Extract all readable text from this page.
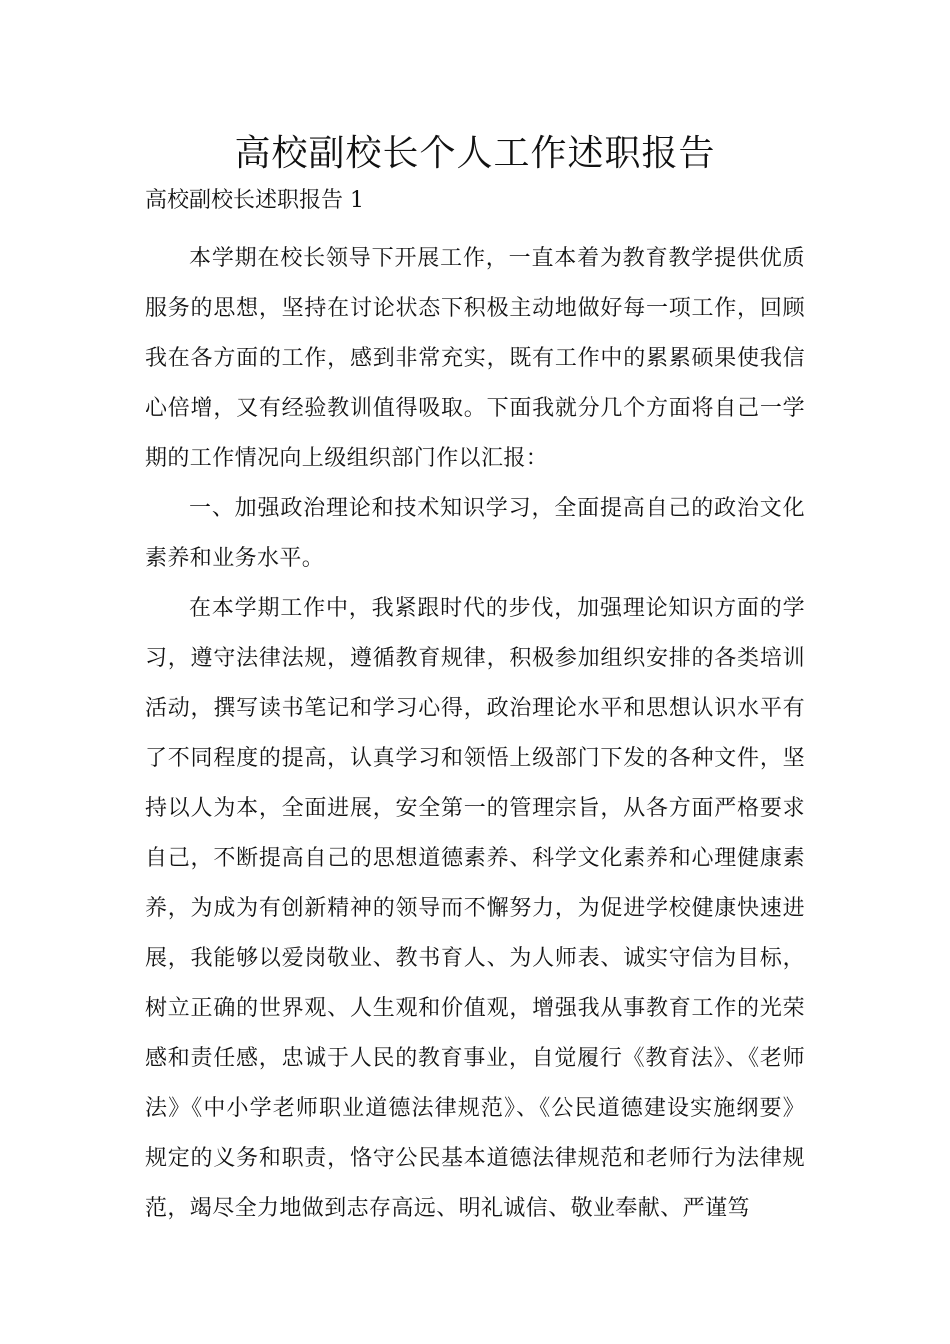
高校副校长个人工作述职报告

高校副校长述职报告 1

本学期在校长领导下开展工作，一直本着为教育教学提供优质服务的思想，坚持在讨论状态下积极主动地做好每一项工作，回顾我在各方面的工作，感到非常充实，既有工作中的累累硕果使我信心倍增，又有经验教训值得吸取。下面我就分几个方面将自己一学期的工作情况向上级组织部门作以汇报：

一、加强政治理论和技术知识学习，全面提高自己的政治文化素养和业务水平。

在本学期工作中，我紧跟时代的步伐，加强理论知识方面的学习，遵守法律法规，遵循教育规律，积极参加组织安排的各类培训活动，撰写读书笔记和学习心得，政治理论水平和思想认识水平有了不同程度的提高，认真学习和领悟上级部门下发的各种文件，坚持以人为本，全面进展，安全第一的管理宗旨，从各方面严格要求自己，不断提高自己的思想道德素养、科学文化素养和心理健康素养，为成为有创新精神的领导而不懈努力，为促进学校健康快速进展，我能够以爱岗敬业、教书育人、为人师表、诚实守信为目标，树立正确的世界观、人生观和价值观，增强我从事教育工作的光荣感和责任感，忠诚于人民的教育事业，自觉履行《教育法》、《老师法》《中小学老师职业道德法律规范》、《公民道德建设实施纲要》规定的义务和职责，恪守公民基本道德法律规范和老师行为法律规范，竭尽全力地做到志存高远、明礼诚信、敬业奉献、严谨笃
